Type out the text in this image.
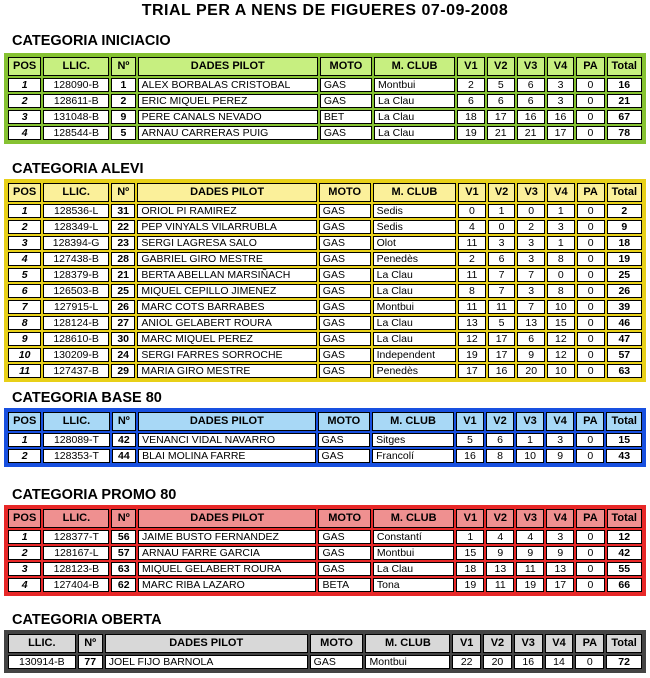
TRIAL PER A NENS DE FIGUERES 07-09-2008
CATEGORIA INICIACIO
POS	LLIC.	Nº	DADES PILOT	MOTO	M. CLUB	V1	V2	V3	V4	PA	Total
1	128090-B	1	ALEX BORBALAS CRISTOBAL	GAS	Montbui	2	5	6	3	0	16
2	128611-B	2	ERIC MIQUEL PEREZ	GAS	La Clau	6	6	6	3	0	21
3	131048-B	9	PERE CANALS NEVADO	BET	La Clau	18	17	16	16	0	67
4	128544-B	5	ARNAU CARRERAS PUIG	GAS	La Clau	19	21	21	17	0	78
CATEGORIA ALEVI
POS	LLIC.	Nº	DADES PILOT	MOTO	M. CLUB	V1	V2	V3	V4	PA	Total
1	128536-L	31	ORIOL PI RAMIREZ	GAS	Sedis	0	1	0	1	0	2
2	128349-L	22	PEP VINYALS VILARRUBLA	GAS	Sedis	4	0	2	3	0	9
3	128394-G	23	SERGI LAGRESA SALO	GAS	Olot	11	3	3	1	0	18
4	127438-B	28	GABRIEL GIRO MESTRE	GAS	Penedès	2	6	3	8	0	19
5	128379-B	21	BERTA ABELLAN MARSIÑACH	GAS	La Clau	11	7	7	0	0	25
6	126503-B	25	MIQUEL CEPILLO JIMENEZ	GAS	La Clau	8	7	3	8	0	26
7	127915-L	26	MARC COTS BARRABES	GAS	Montbui	11	11	7	10	0	39
8	128124-B	27	ANIOL GELABERT ROURA	GAS	La Clau	13	5	13	15	0	46
9	128610-B	30	MARC MIQUEL PEREZ	GAS	La Clau	12	17	6	12	0	47
10	130209-B	24	SERGI FARRES SORROCHE	GAS	Independent	19	17	9	12	0	57
11	127437-B	29	MARIA GIRO MESTRE	GAS	Penedès	17	16	20	10	0	63
CATEGORIA BASE 80
POS	LLIC.	Nº	DADES PILOT	MOTO	M. CLUB	V1	V2	V3	V4	PA	Total
1	128089-T	42	VENANCI VIDAL NAVARRO	GAS	Sitges	5	6	1	3	0	15
2	128353-T	44	BLAI MOLINA FARRE	GAS	Francolí	16	8	10	9	0	43
CATEGORIA PROMO 80
POS	LLIC.	Nº	DADES PILOT	MOTO	M. CLUB	V1	V2	V3	V4	PA	Total
1	128377-T	56	JAIME BUSTO FERNANDEZ	GAS	Constantí	1	4	4	3	0	12
2	128167-L	57	ARNAU FARRE GARCIA	GAS	Montbui	15	9	9	9	0	42
3	128123-B	63	MIQUEL GELABERT ROURA	GAS	La Clau	18	13	11	13	0	55
4	127404-B	62	MARC RIBA LAZARO	BETA	Tona	19	11	19	17	0	66
CATEGORIA OBERTA
LLIC.	Nº	DADES PILOT	MOTO	M. CLUB	V1	V2	V3	V4	PA	Total
130914-B	77	JOEL FIJO BARNOLA	GAS	Montbui	22	20	16	14	0	72
